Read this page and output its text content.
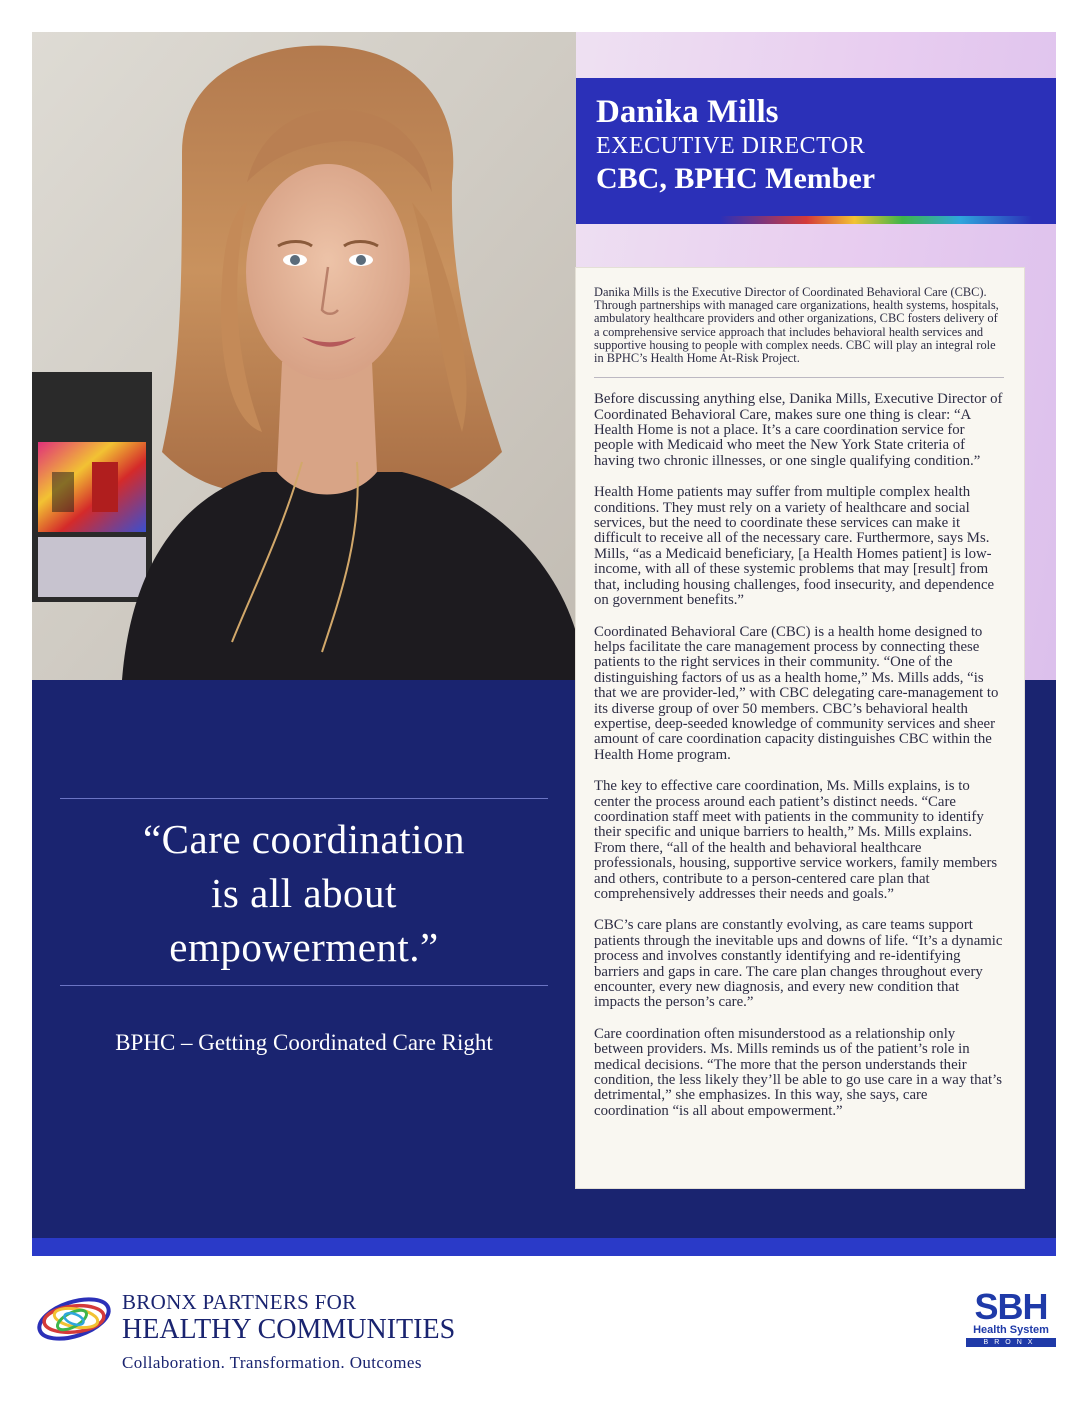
Danika Mills
EXECUTIVE DIRECTOR
CBC, BPHC Member
Danika Mills is the Executive Director of Coordinated Behavioral Care (CBC). Through partnerships with managed care organizations, health systems, hospitals, ambulatory healthcare providers and other organizations, CBC fosters delivery of a comprehensive service approach that includes behavioral health services and supportive housing to people with complex needs. CBC will play an integral role in BPHC’s Health Home At-Risk Project.

Before discussing anything else, Danika Mills, Executive Director of Coordinated Behavioral Care, makes sure one thing is clear: “A Health Home is not a place. It’s a care coordination service for people with Medicaid who meet the New York State criteria of having two chronic illnesses, or one single qualifying condition.”

Health Home patients may suffer from multiple complex health conditions. They must rely on a variety of healthcare and social services, but the need to coordinate these services can make it difficult to receive all of the necessary care. Furthermore, says Ms. Mills, “as a Medicaid beneficiary, [a Health Homes patient] is low-income, with all of these systemic problems that may [result] from that, including housing challenges, food insecurity, and dependence on government benefits.”

Coordinated Behavioral Care (CBC) is a health home designed to helps facilitate the care management process by connecting these patients to the right services in their community. “One of the distinguishing factors of us as a health home,” Ms. Mills adds, “is that we are provider-led,” with CBC delegating care-management to its diverse group of over 50 members. CBC’s behavioral health expertise, deep-seeded knowledge of community services and sheer amount of care coordination capacity distinguishes CBC within the Health Home program.

The key to effective care coordination, Ms. Mills explains, is to center the process around each patient’s distinct needs. “Care coordination staff meet with patients in the community to identify their specific and unique barriers to health,” Ms. Mills explains. From there, “all of the health and behavioral healthcare professionals, housing, supportive service workers, family members and others, contribute to a person-centered care plan that comprehensively addresses their needs and goals.”

CBC’s care plans are constantly evolving, as care teams support patients through the inevitable ups and downs of life. “It’s a dynamic process and involves constantly identifying and re-identifying barriers and gaps in care. The care plan changes throughout every encounter, every new diagnosis, and every new condition that impacts the person’s care.”

Care coordination often misunderstood as a relationship only between providers. Ms. Mills reminds us of the patient’s role in medical decisions. “The more that the person understands their condition, the less likely they’ll be able to go use care in a way that’s detrimental,” she emphasizes. In this way, she says, care coordination “is all about empowerment.”

“Care coordination
is all about
empowerment.”
BPHC – Getting Coordinated Care Right
BRONX PARTNERS FOR
HEALTHY COMMUNITIES
Collaboration. Transformation. Outcomes
SBH
Health System
BRONX
